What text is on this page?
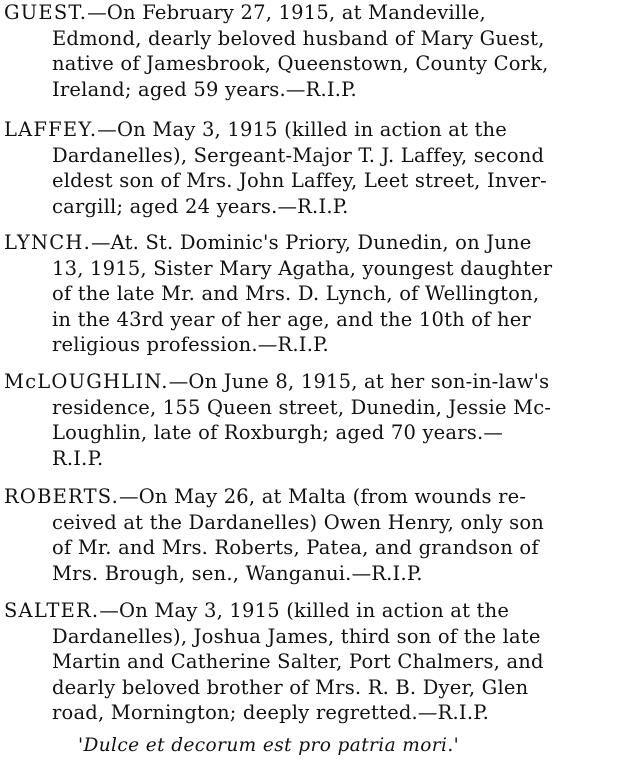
GUEST.—On February 27, 1915, at Mandeville,
Edmond, dearly beloved husband of Mary Guest,
native of Jamesbrook, Queenstown, County Cork,
Ireland; aged 59 years.—R.I.P.
LAFFEY.—On May 3, 1915 (killed in action at the
Dardanelles), Sergeant-Major T. J. Laffey, second
eldest son of Mrs. John Laffey, Leet street, Inver-
cargill; aged 24 years.—R.I.P.
LYNCH.—At. St. Dominic's Priory, Dunedin, on June
13, 1915, Sister Mary Agatha, youngest daughter
of the late Mr. and Mrs. D. Lynch, of Wellington,
in the 43rd year of her age, and the 10th of her
religious profession.—R.I.P.
McLOUGHLIN.—On June 8, 1915, at her son-in-law's
residence, 155 Queen street, Dunedin, Jessie Mc-
Loughlin, late of Roxburgh; aged 70 years.—
R.I.P.
ROBERTS.—On May 26, at Malta (from wounds re-
ceived at the Dardanelles) Owen Henry, only son
of Mr. and Mrs. Roberts, Patea, and grandson of
Mrs. Brough, sen., Wanganui.—R.I.P.
SALTER.—On May 3, 1915 (killed in action at the
Dardanelles), Joshua James, third son of the late
Martin and Catherine Salter, Port Chalmers, and
dearly beloved brother of Mrs. R. B. Dyer, Glen
road, Mornington; deeply regretted.—R.I.P.
'Dulce et decorum est pro patria mori.'
